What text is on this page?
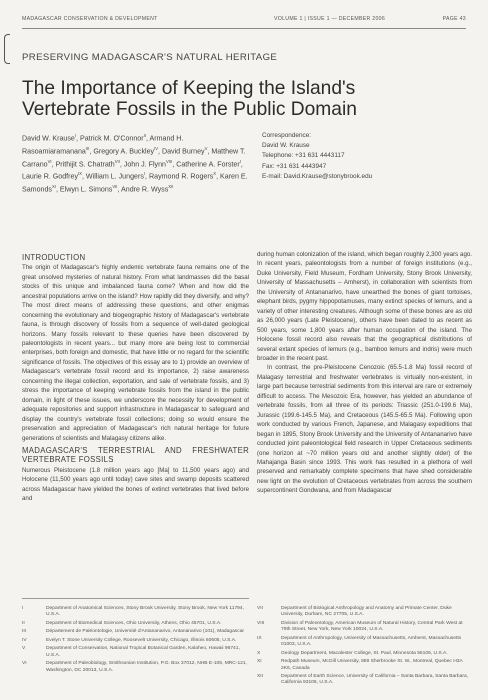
MADAGASCAR CONSERVATION & DEVELOPMENT	VOLUME 1 | ISSUE 1 — DECEMBER 2006	PAGE 43
PRESERVING MADAGASCAR'S NATURAL HERITAGE
The Importance of Keeping the Island's Vertebrate Fossils in the Public Domain
David W. Krause$^I$, Patrick M. O'Connor$^{II}$, Armand H. Rasoamiaramanana$^{III}$, Gregory A. Buckley$^{IV}$, David Burney$^V$, Matthew T. Carrano$^{VI}$, Prithijit S. Chatrath$^{VII}$, John J. Flynn$^{VIII}$, Catherine A. Forster$^I$, Laurie R. Godfrey$^{IX}$, William L. Jungers$^I$, Raymond R. Rogers$^X$, Karen E. Samonds$^{XI}$, Elwyn L. Simons$^{VII}$, Andre R. Wyss$^{XII}$
Correspondence:
David W. Krause
Telephone: +31 631 4443117
Fax: +31 631 4443947
E-mail: David.Krause@stonybrook.edu
INTRODUCTION

The origin of Madagascar's highly endemic vertebrate fauna remains one of the great unsolved mysteries of natural history. From what landmasses did the basal stocks of this unique and imbalanced fauna come? When and how did the ancestral populations arrive on the island? How rapidly did they diversify, and why? The most direct means of addressing these questions, and other enigmas concerning the evolutionary and biogeographic history of Madagascar's vertebrate fauna, is through discovery of fossils from a sequence of well-dated geological horizons. Many fossils relevant to these queries have been discovered by paleontologists in recent years... but many more are being lost to commercial enterprises, both foreign and domestic, that have little or no regard for the scientific significance of fossils. The objectives of this essay are to 1) provide an overview of Madagascar's vertebrate fossil record and its importance, 2) raise awareness concerning the illegal collection, exportation, and sale of vertebrate fossils, and 3) stress the importance of keeping vertebrate fossils from the island in the public domain, in light of these issues, we underscore the necessity for development of adequate repositories and support infrastructure in Madagascar to safeguard and display the country's vertebrate fossil collections; doing so would ensure the preservation and appreciation of Madagascar's rich natural heritage for future generations of scientists and Malagasy citizens alike.

MADAGASCAR'S TERRESTRIAL AND FRESHWATER VERTEBRATE FOSSILS

Numerous Pleistocene (1.8 million years ago [Ma] to 11,500 years ago) and Holocene (11,500 years ago until today) cave sites and swamp deposits scattered across Madagascar have yielded the bones of extinct vertebrates that lived before and

during human colonization of the island, which began roughly 2,300 years ago. In recent years, paleontologists from a number of foreign institutions (e.g., Duke University, Field Museum, Fordham University, Stony Brook University, University of Massachusetts – Amherst), in collaboration with scientists from the University of Antananarivo, have unearthed the bones of giant tortoises, elephant birds, pygmy hippopotamuses, many extinct species of lemurs, and a variety of other interesting creatures. Although some of these bones are as old as 26,000 years (Late Pleistocene), others have been dated to as recent as 500 years, some 1,800 years after human occupation of the island. The Holocene fossil record also reveals that the geographical distributions of several extant species of lemurs (e.g., bamboo lemurs and indris) were much broader in the recent past.

In contrast, the pre-Pleistocene Cenozoic (65.5-1.8 Ma) fossil record of Malagasy terrestrial and freshwater vertebrates is virtually non-existent, in large part because terrestrial sediments from this interval are rare or extremely difficult to access. The Mesozoic Era, however, has yielded an abundance of vertebrate fossils, from all three of its periods: Triassic (251.0-199.6 Ma), Jurassic (199.6-145.5 Ma), and Cretaceous (145.5-65.5 Ma). Following upon work conducted by various French, Japanese, and Malagasy expeditions that began in 1895, Stony Brook University and the University of Antananarivo have conducted joint paleontological field research in Upper Cretaceous sediments (one horizon at ~70 million years old and another slightly older) of the Mahajanga Basin since 1993. This work has resulted in a plethora of well preserved and remarkably complete specimens that have shed considerable new light on the evolution of Cretaceous vertebrates from across the southern supercontinent Gondwana, and from Madagascar

I	Department of Anatomical Sciences, Stony Brook University, Stony Brook, New York 11794, U.S.A.
II	Department of Biomedical Sciences, Ohio University, Athens, Ohio 45701, U.S.A.
III	Département de Paléontologie, Université d'Antananarivo, Antananarivo (101), Madagascar
IV	Evelyn T. Stone University College, Roosevelt University, Chicago, Illinois 60605, U.S.A.
V	Department of Conservation, National Tropical Botanical Garden, Kalaheo, Hawaii 96741, U.S.A.
VI	Department of Paleobiology, Smithsonian Institution, P.O. Box 37012, NHB E-105, MRC-121, Washington, DC 20013, U.S.A.
VII	Department of Biological Anthropology and Anatomy and Primate Center, Duke University, Durham, NC 27705, U.S.A.
VIII	Division of Paleontology, American Museum of Natural History, Central Park West at 79th Street, New York, New York 10024, U.S.A.
IX	Department of Anthropology, University of Massachusetts, Amherst, Massachusetts 01003, U.S.A.
X	Geology Department, Macalester College, St. Paul, Minnesota 55105, U.S.A.
XI	Redpath Museum, McGill University, 859 Sherbrooke St. W., Montreal, Quebec H3A 2K6, Canada
XII	Department of Earth Science, University of California – Santa Barbara, Santa Barbara, California 93106, U.S.A.
